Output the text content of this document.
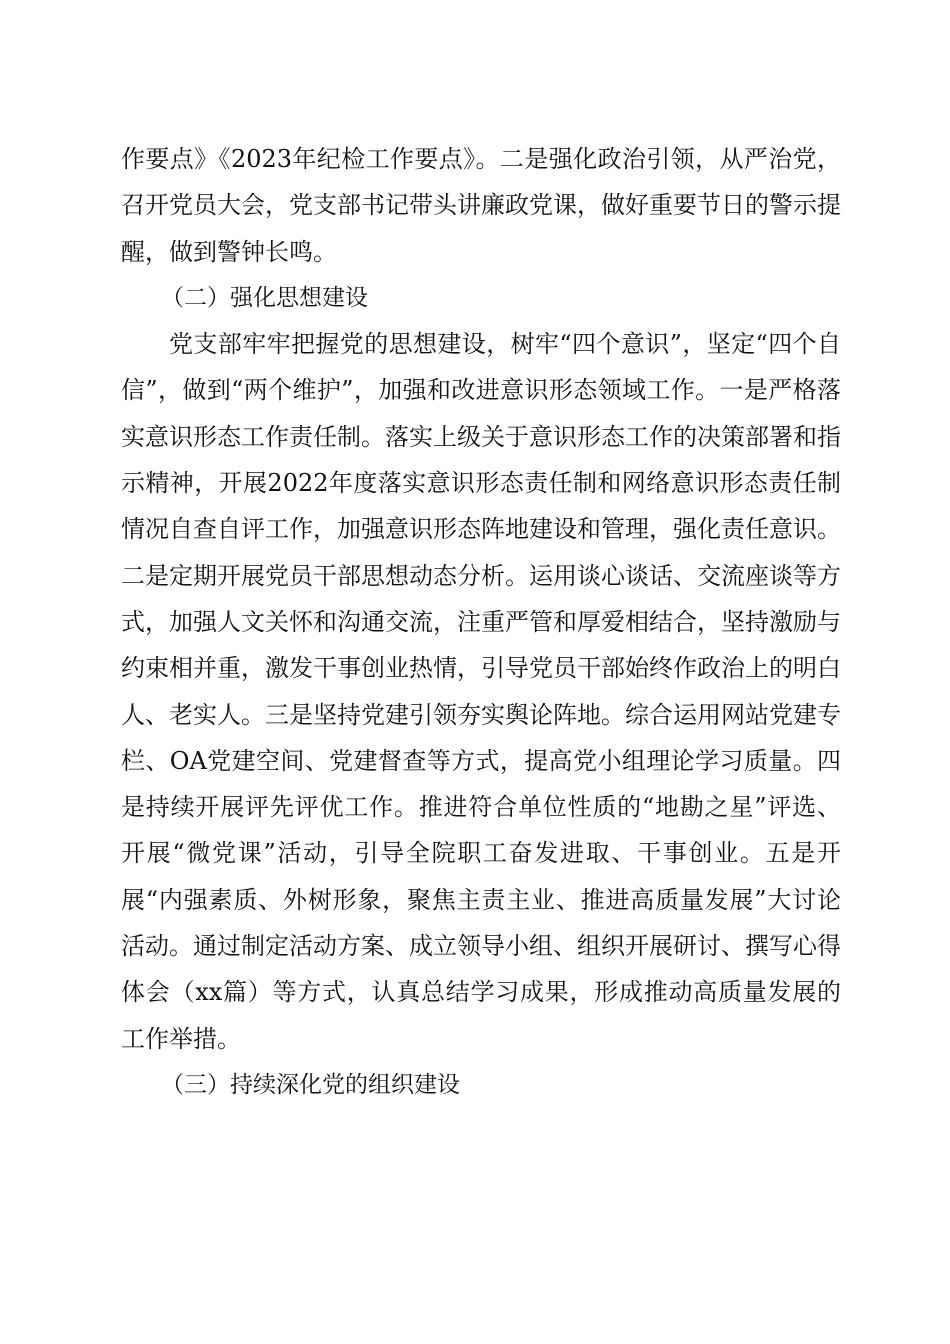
作要点》《2023年纪检工作要点》。二是强化政治引领，从严治党，召开党员大会，党支部书记带头讲廉政党课，做好重要节日的警示提醒，做到警钟长鸣。

（二）强化思想建设

党支部牢牢把握党的思想建设，树牢“四个意识”，坚定“四个自信”，做到“两个维护”，加强和改进意识形态领域工作。一是严格落实意识形态工作责任制。落实上级关于意识形态工作的决策部署和指示精神，开展2022年度落实意识形态责任制和网络意识形态责任制情况自查自评工作，加强意识形态阵地建设和管理，强化责任意识。二是定期开展党员干部思想动态分析。运用谈心谈话、交流座谈等方式，加强人文关怀和沟通交流，注重严管和厚爱相结合，坚持激励与约束相并重，激发干事创业热情，引导党员干部始终作政治上的明白人、老实人。三是坚持党建引领夯实舆论阵地。综合运用网站党建专栏、OA党建空间、党建督查等方式，提高党小组理论学习质量。四是持续开展评先评优工作。推进符合单位性质的“地勘之星”评选、开展“微党课”活动，引导全院职工奋发进取、干事创业。五是开展“内强素质、外树形象，聚焦主责主业、推进高质量发展”大讨论活动。通过制定活动方案、成立领导小组、组织开展研讨、撰写心得体会（xx篇）等方式，认真总结学习成果，形成推动高质量发展的工作举措。

（三）持续深化党的组织建设
